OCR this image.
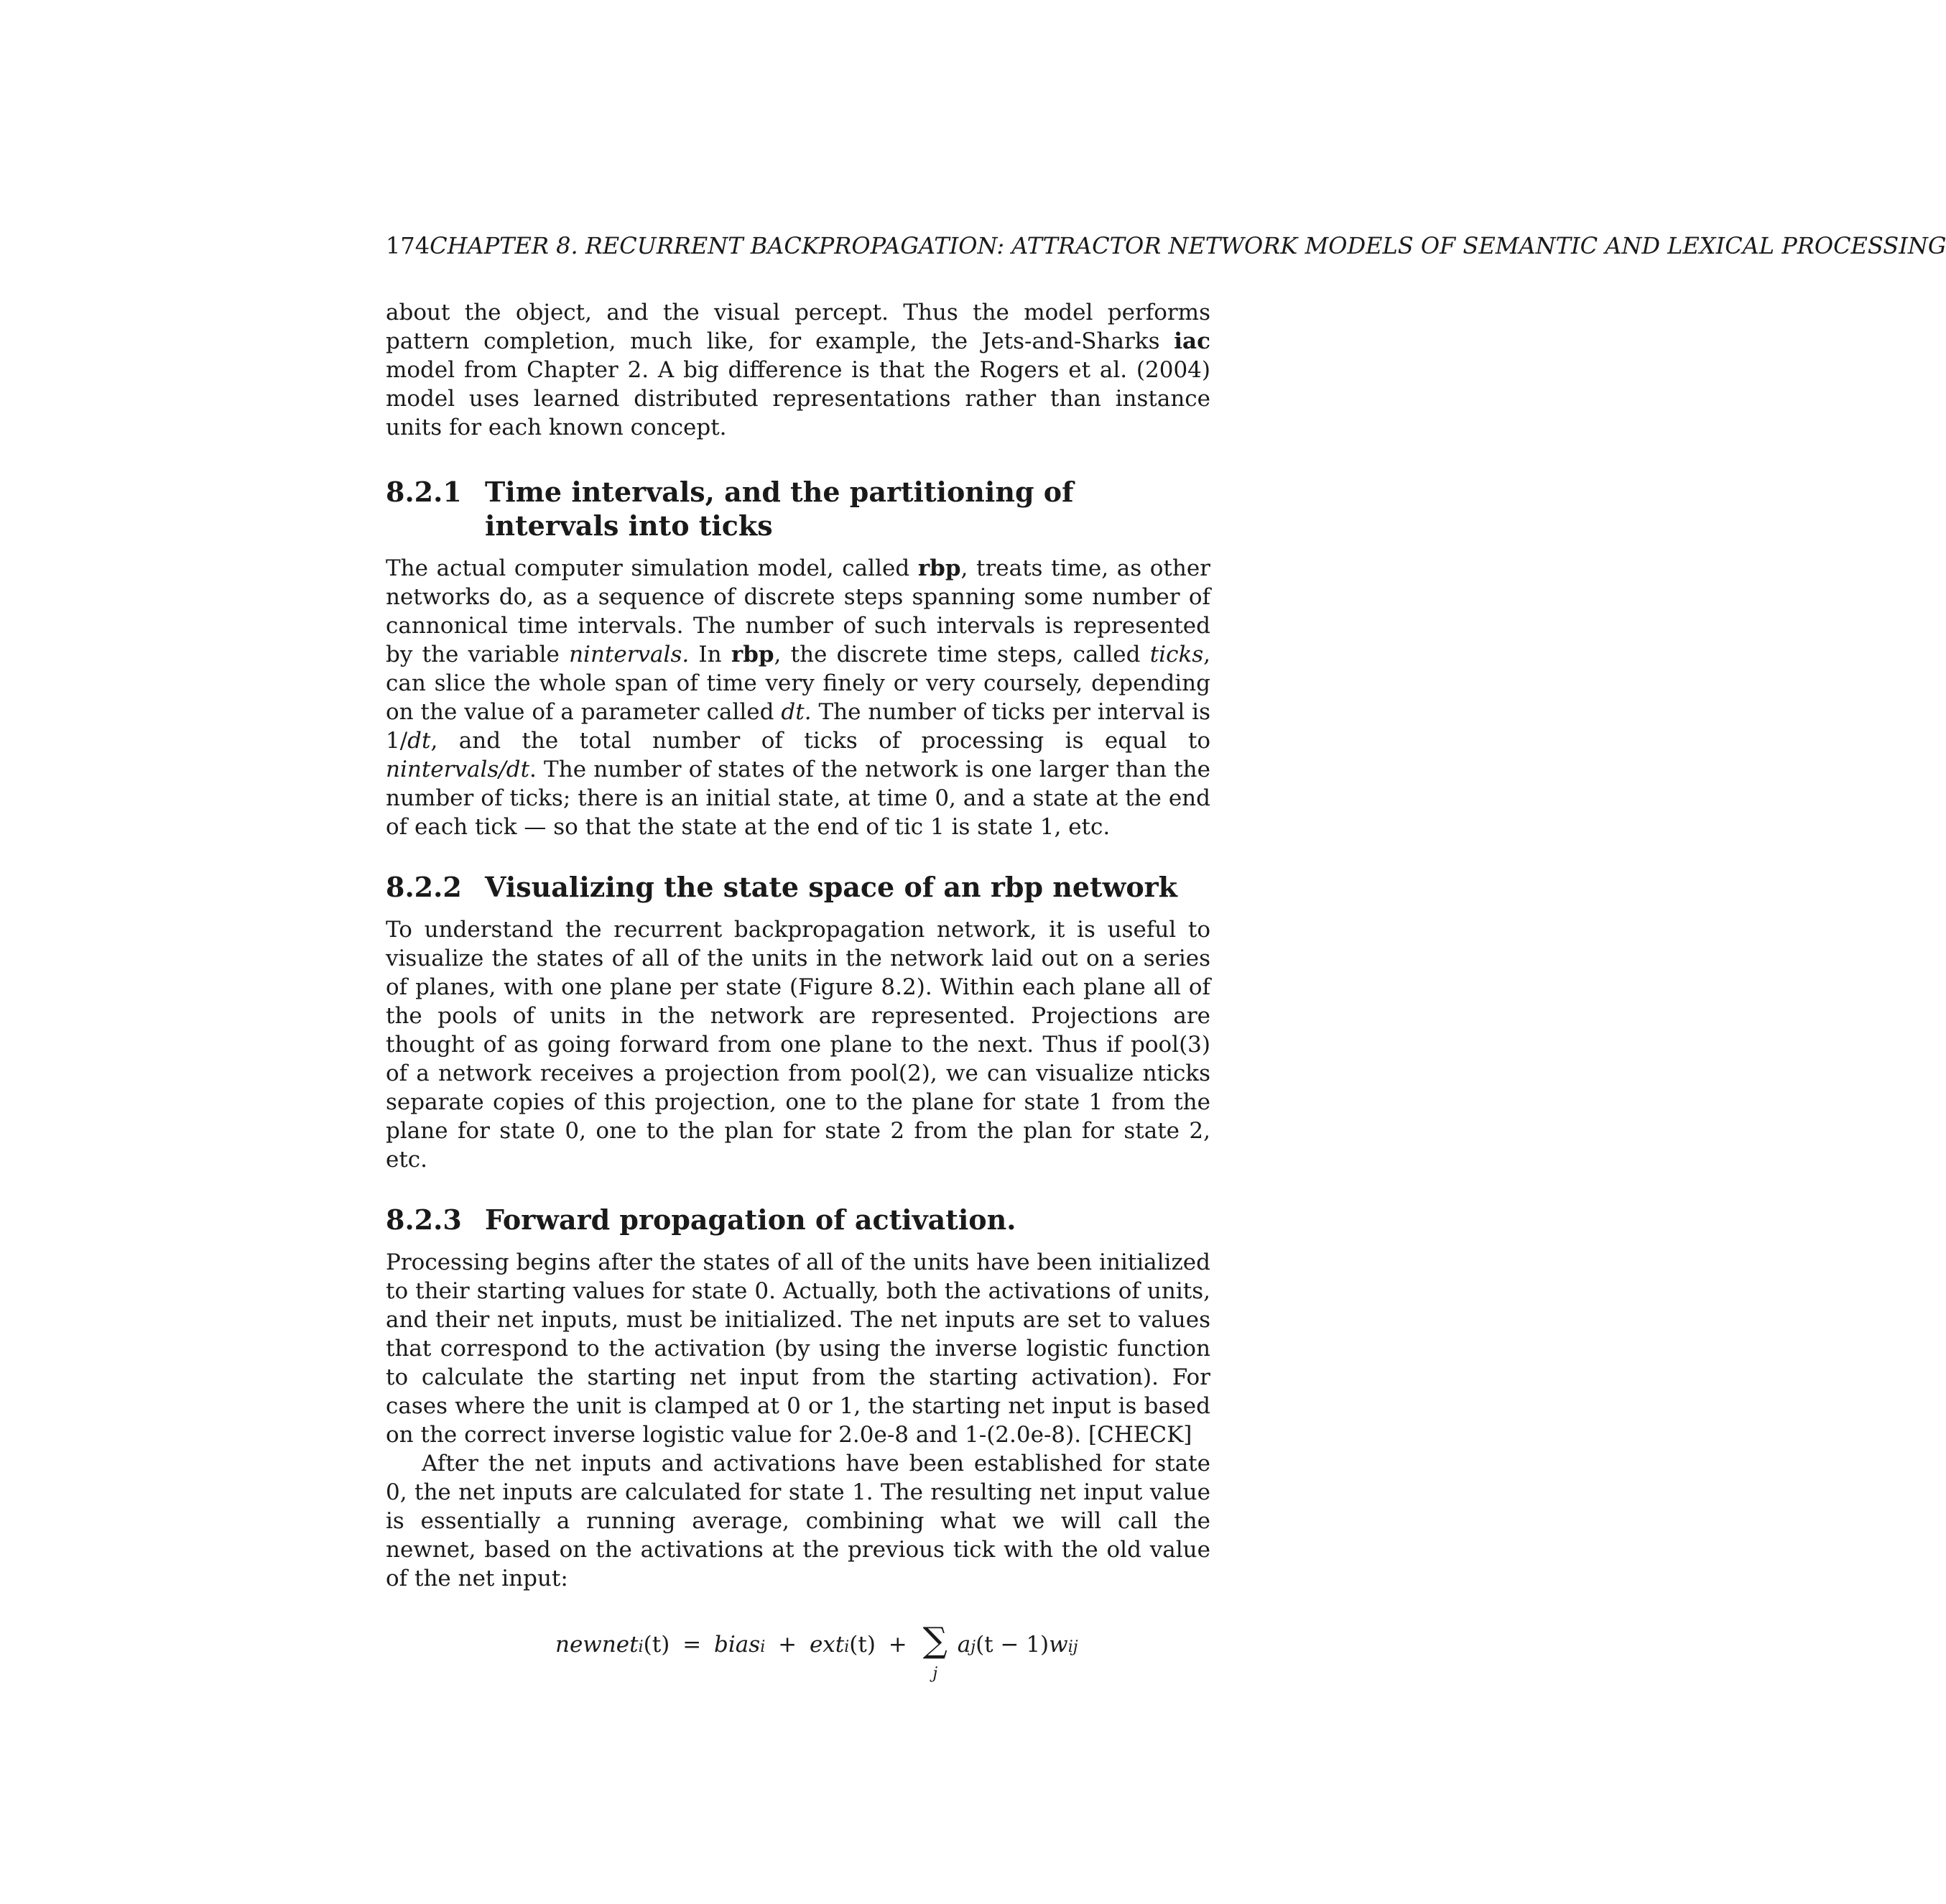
174CHAPTER 8. RECURRENT BACKPROPAGATION: ATTRACTOR NETWORK MODELS OF SEMANTIC AND LEXICAL PROCESSING

about the object, and the visual percept. Thus the model performs pattern completion, much like, for example, the Jets-and-Sharks iac model from Chapter 2. A big difference is that the Rogers et al. (2004) model uses learned distributed representations rather than instance units for each known concept.

8.2.1 Time intervals, and the partitioning of intervals into ticks

The actual computer simulation model, called rbp, treats time, as other networks do, as a sequence of discrete steps spanning some number of cannonical time intervals. The number of such intervals is represented by the variable nintervals. In rbp, the discrete time steps, called ticks, can slice the whole span of time very finely or very coursely, depending on the value of a parameter called dt. The number of ticks per interval is 1/dt, and the total number of ticks of processing is equal to nintervals/dt. The number of states of the network is one larger than the number of ticks; there is an initial state, at time 0, and a state at the end of each tick — so that the state at the end of tic 1 is state 1, etc.

8.2.2 Visualizing the state space of an rbp network

To understand the recurrent backpropagation network, it is useful to visualize the states of all of the units in the network laid out on a series of planes, with one plane per state (Figure 8.2). Within each plane all of the pools of units in the network are represented. Projections are thought of as going forward from one plane to the next. Thus if pool(3) of a network receives a projection from pool(2), we can visualize nticks separate copies of this projection, one to the plane for state 1 from the plane for state 0, one to the plan for state 2 from the plan for state 2, etc.

8.2.3 Forward propagation of activation.

Processing begins after the states of all of the units have been initialized to their starting values for state 0. Actually, both the activations of units, and their net inputs, must be initialized. The net inputs are set to values that correspond to the activation (by using the inverse logistic function to calculate the starting net input from the starting activation). For cases where the unit is clamped at 0 or 1, the starting net input is based on the correct inverse logistic value for 2.0e-8 and 1-(2.0e-8). [CHECK]

After the net inputs and activations have been established for state 0, the net inputs are calculated for state 1. The resulting net input value is essentially a running average, combining what we will call the newnet, based on the activations at the previous tick with the old value of the net input:

newneti(t) = biasi + exti(t) + ∑
j
aj(t − 1)wij
